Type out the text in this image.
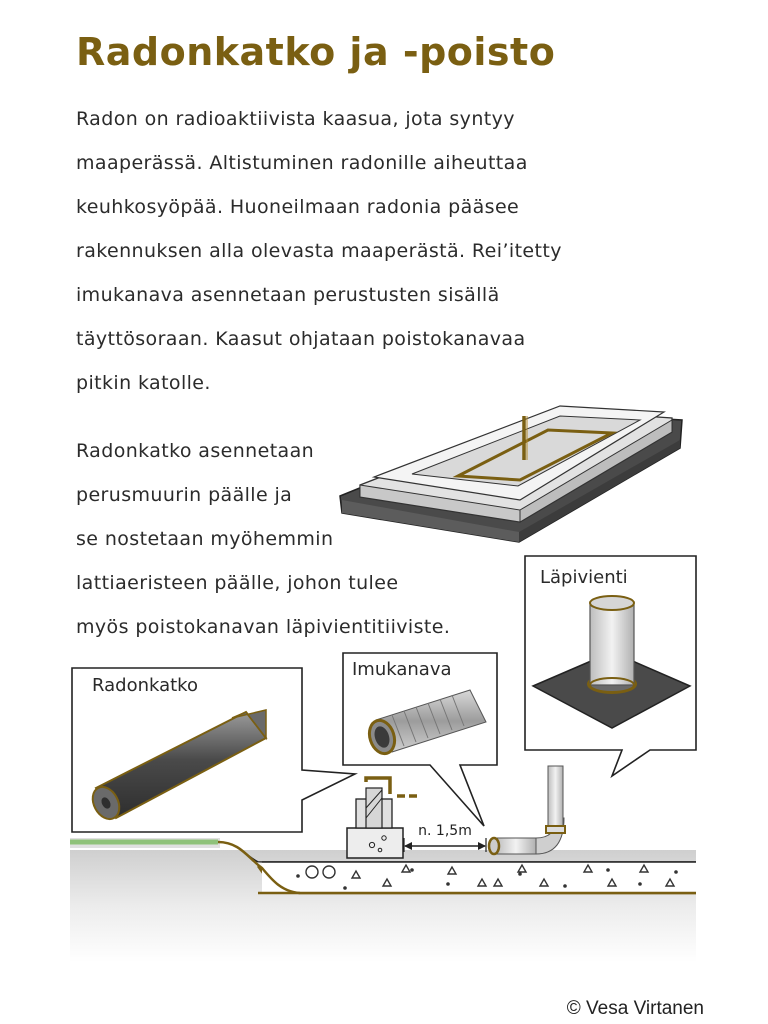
Radonkatko ja -poisto
Radon on radioaktiivista kaasua, jota syntyy
maaperässä. Altistuminen radonille aiheuttaa
keuhkosyöpää. Huoneilmaan radonia pääsee
rakennuksen alla olevasta maaperästä. Rei’itetty
imukanava asennetaan perustusten sisällä
täyttösoraan. Kaasut ohjataan poistokanavaa
pitkin katolle.
Radonkatko asennetaan
perusmuurin päälle ja
se nostetaan myöhemmin
lattiaeristeen päälle, johon tulee
myös poistokanavan läpivientitiiviste.
n. 1,5m
Radonkatko
Imukanava
Läpivienti
© Vesa Virtanen
